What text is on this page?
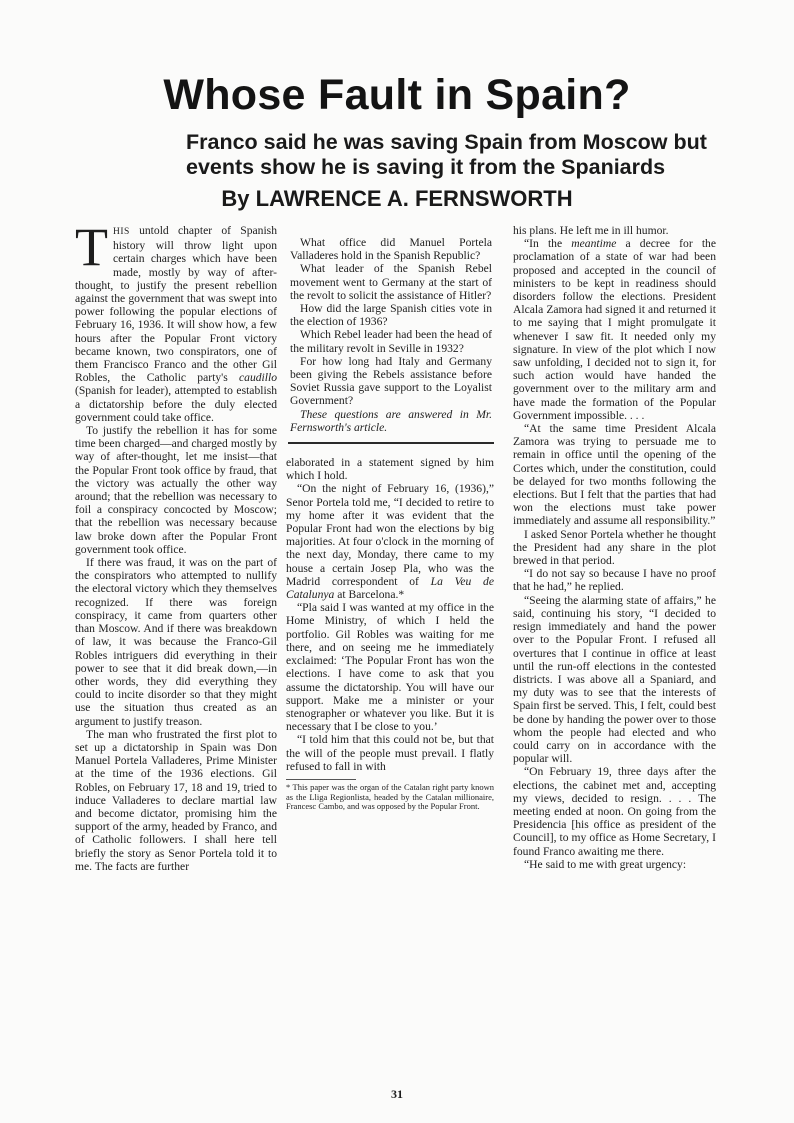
Whose Fault in Spain?
Franco said he was saving Spain from Moscow but
events show he is saving it from the Spaniards
By LAWRENCE A. FERNSWORTH

THIS untold chapter of Spanish history will throw light upon certain charges which have been made, mostly by way of after-thought, to justify the present rebellion against the government that was swept into power following the popular elections of February 16, 1936. It will show how, a few hours after the Popular Front victory became known, two conspirators, one of them Francisco Franco and the other Gil Robles, the Catholic party's caudillo (Spanish for leader), attempted to establish a dictatorship before the duly elected government could take office.

To justify the rebellion it has for some time been charged—and charged mostly by way of after-thought, let me insist—that the Popular Front took office by fraud, that the victory was actually the other way around; that the rebellion was necessary to foil a conspiracy concocted by Moscow; that the rebellion was necessary because law broke down after the Popular Front government took office.

If there was fraud, it was on the part of the conspirators who attempted to nullify the electoral victory which they themselves recognized. If there was foreign conspiracy, it came from quarters other than Moscow. And if there was breakdown of law, it was because the Franco-Gil Robles intriguers did everything in their power to see that it did break down,—in other words, they did everything they could to incite disorder so that they might use the situation thus created as an argument to justify treason.

The man who frustrated the first plot to set up a dictatorship in Spain was Don Manuel Portela Valladeres, Prime Minister at the time of the 1936 elections. Gil Robles, on February 17, 18 and 19, tried to induce Valladeres to declare martial law and become dictator, promising him the support of the army, headed by Franco, and of Catholic followers. I shall here tell briefly the story as Senor Portela told it to me. The facts are further

What office did Manuel Portela Valladeres hold in the Spanish Republic?

What leader of the Spanish Rebel movement went to Germany at the start of the revolt to solicit the assistance of Hitler?

How did the large Spanish cities vote in the election of 1936?

Which Rebel leader had been the head of the military revolt in Seville in 1932?

For how long had Italy and Germany been giving the Rebels assistance before Soviet Russia gave support to the Loyalist Government?

These questions are answered in Mr. Fernsworth's article.

elaborated in a statement signed by him which I hold.

“On the night of February 16, (1936),” Senor Portela told me, “I decided to retire to my home after it was evident that the Popular Front had won the elections by big majorities. At four o'clock in the morning of the next day, Monday, there came to my house a certain Josep Pla, who was the Madrid correspondent of La Veu de Catalunya at Barcelona.*

“Pla said I was wanted at my office in the Home Ministry, of which I held the portfolio. Gil Robles was waiting for me there, and on seeing me he immediately exclaimed: ‘The Popular Front has won the elections. I have come to ask that you assume the dictatorship. You will have our support. Make me a minister or your stenographer or whatever you like. But it is necessary that I be close to you.’

“I told him that this could not be, but that the will of the people must prevail. I flatly refused to fall in with

* This paper was the organ of the Catalan right party known as the Lliga Regionlista, headed by the Catalan millionaire, Francesc Cambo, and was opposed by the Popular Front.

his plans. He left me in ill humor.

“In the meantime a decree for the proclamation of a state of war had been proposed and accepted in the council of ministers to be kept in readiness should disorders follow the elections. President Alcala Zamora had signed it and returned it to me saying that I might promulgate it whenever I saw fit. It needed only my signature. In view of the plot which I now saw unfolding, I decided not to sign it, for such action would have handed the government over to the military arm and have made the formation of the Popular Government impossible. . . .

“At the same time President Alcala Zamora was trying to persuade me to remain in office until the opening of the Cortes which, under the constitution, could be delayed for two months following the elections. But I felt that the parties that had won the elections must take power immediately and assume all responsibility.”

I asked Senor Portela whether he thought the President had any share in the plot brewed in that period.

“I do not say so because I have no proof that he had,” he replied.

“Seeing the alarming state of affairs,” he said, continuing his story, “I decided to resign immediately and hand the power over to the Popular Front. I refused all overtures that I continue in office at least until the run-off elections in the contested districts. I was above all a Spaniard, and my duty was to see that the interests of Spain first be served. This, I felt, could best be done by handing the power over to those whom the people had elected and who could carry on in accordance with the popular will.

“On February 19, three days after the elections, the cabinet met and, accepting my views, decided to resign. . . . The meeting ended at noon. On going from the Presidencia [his office as president of the Council], to my office as Home Secretary, I found Franco awaiting me there.

“He said to me with great urgency:

31
